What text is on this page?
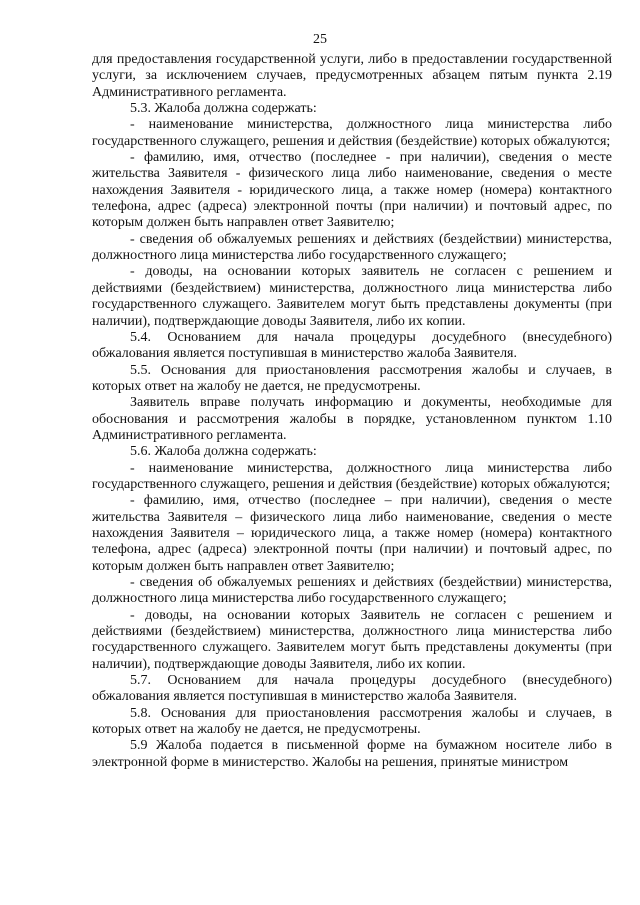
25

для предоставления государственной услуги, либо в предоставлении государственной услуги, за исключением случаев, предусмотренных абзацем пятым пункта 2.19 Административного регламента.

5.3. Жалоба должна содержать:

- наименование министерства, должностного лица министерства либо государственного служащего, решения и действия (бездействие) которых обжалуются;

- фамилию, имя, отчество (последнее - при наличии), сведения о месте жительства Заявителя - физического лица либо наименование, сведения о месте нахождения Заявителя - юридического лица, а также номер (номера) контактного телефона, адрес (адреса) электронной почты (при наличии) и почтовый адрес, по которым должен быть направлен ответ Заявителю;

- сведения об обжалуемых решениях и действиях (бездействии) министерства, должностного лица министерства либо государственного служащего;

- доводы, на основании которых заявитель не согласен с решением и действиями (бездействием) министерства, должностного лица министерства либо государственного служащего. Заявителем могут быть представлены документы (при наличии), подтверждающие доводы Заявителя, либо их копии.

5.4. Основанием для начала процедуры досудебного (внесудебного) обжалования является поступившая в министерство жалоба Заявителя.

5.5. Основания для приостановления рассмотрения жалобы и случаев, в которых ответ на жалобу не дается, не предусмотрены.

Заявитель вправе получать информацию и документы, необходимые для обоснования и рассмотрения жалобы в порядке, установленном пунктом 1.10 Административного регламента.

5.6. Жалоба должна содержать:

- наименование министерства, должностного лица министерства либо государственного служащего, решения и действия (бездействие) которых обжалуются;

- фамилию, имя, отчество (последнее – при наличии), сведения о месте жительства Заявителя – физического лица либо наименование, сведения о месте нахождения Заявителя – юридического лица, а также номер (номера) контактного телефона, адрес (адреса) электронной почты (при наличии) и почтовый адрес, по которым должен быть направлен ответ Заявителю;

- сведения об обжалуемых решениях и действиях (бездействии) министерства, должностного лица министерства либо государственного служащего;

- доводы, на основании которых Заявитель не согласен с решением и действиями (бездействием) министерства, должностного лица министерства либо государственного служащего. Заявителем могут быть представлены документы (при наличии), подтверждающие доводы Заявителя, либо их копии.

5.7. Основанием для начала процедуры досудебного (внесудебного) обжалования является поступившая в министерство жалоба Заявителя.

5.8. Основания для приостановления рассмотрения жалобы и случаев, в которых ответ на жалобу не дается, не предусмотрены.

5.9 Жалоба подается в письменной форме на бумажном носителе либо в электронной форме в министерство. Жалобы на решения, принятые министром
